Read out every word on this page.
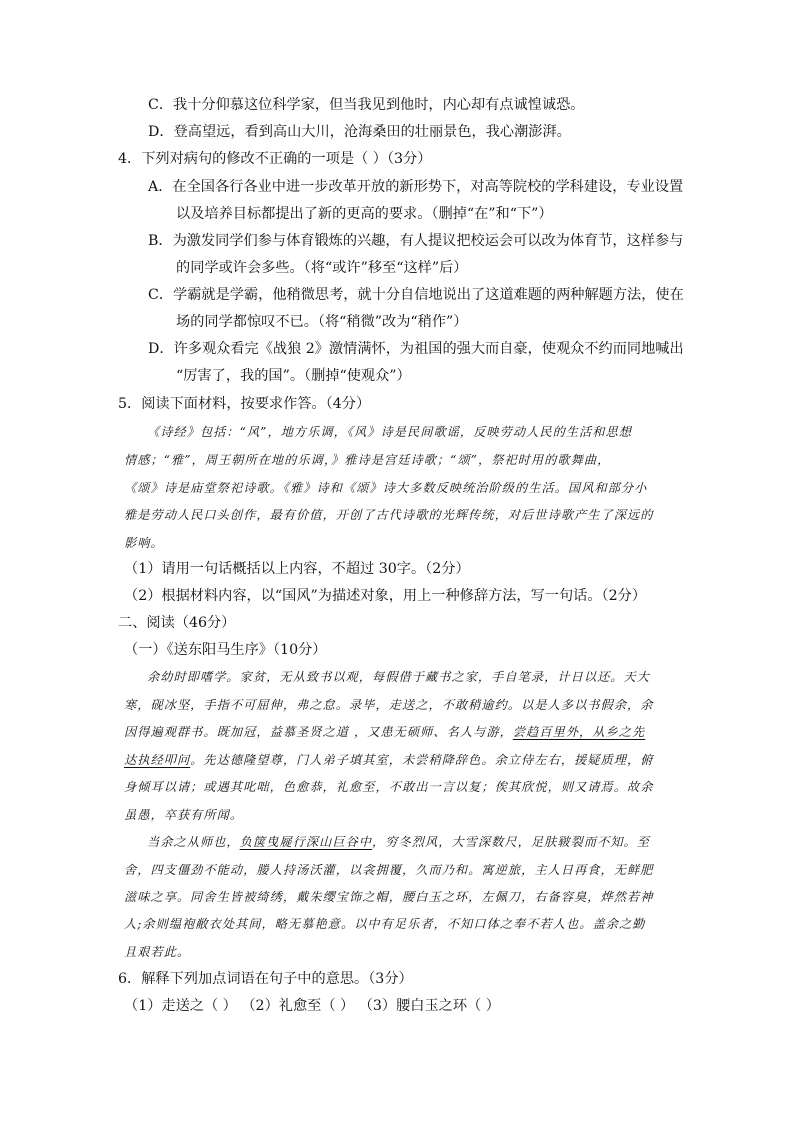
C．我十分仰慕这位科学家，但当我见到他时，内心却有点诚惶诚恐。
D．登高望远，看到高山大川，沧海桑田的壮丽景色，我心潮澎湃。
4．下列对病句的修改不正确的一项是（ ）（3分）
A．在全国各行各业中进一步改革开放的新形势下，对高等院校的学科建设，专业设置
以及培养目标都提出了新的更高的要求。（删掉“在”和“下”）
B．为激发同学们参与体育锻炼的兴趣，有人提议把校运会可以改为体育节，这样参与
的同学或许会多些。（将“或许”移至“这样”后）
C．学霸就是学霸，他稍微思考，就十分自信地说出了这道难题的两种解题方法，使在
场的同学都惊叹不已。（将“稍微”改为“稍作”）
D．许多观众看完《战狼 2》激情满怀，为祖国的强大而自豪，使观众不约而同地喊出
“厉害了，我的国”。（删掉“使观众”）
5．阅读下面材料，按要求作答。（4分）
《诗经》包括：“风”，地方乐调，《风》诗是民间歌谣，反映劳动人民的生活和思想
情感；“雅”，周王朝所在地的乐调，》雅诗是宫廷诗歌；“颂”，祭祀时用的歌舞曲，
《颂》诗是庙堂祭祀诗歌。《雅》诗和《颂》诗大多数反映统治阶级的生活。国风和部分小
雅是劳动人民口头创作，最有价值，开创了古代诗歌的光辉传统，对后世诗歌产生了深远的
影响。
（1）请用一句话概括以上内容，不超过 30字。（2分）
（2）根据材料内容，以“国风”为描述对象，用上一种修辞方法，写一句话。（2分）
二、阅读（46分）
（一）《送东阳马生序》（10分）
余幼时即嗜学。家贫，无从致书以观，每假借于藏书之家，手自笔录，计日以还。天大
寒，砚冰坚，手指不可屈伸，弗之怠。录毕，走送之，不敢稍逾约。以是人多以书假余，余
因得遍观群书。既加冠，益慕圣贤之道 ，又患无硕师、名人与游，尝趋百里外，从乡之先
达执经叩问。先达德隆望尊，门人弟子填其室，未尝稍降辞色。余立侍左右，援疑质理，俯
身倾耳以请；或遇其叱咄，色愈恭，礼愈至，不敢出一言以复；俟其欣悦，则又请焉。故余
虽愚，卒获有所闻。
当余之从师也，负箧曳屣行深山巨谷中，穷冬烈风，大雪深数尺，足肤皲裂而不知。至
舍，四支僵劲不能动，媵人持汤沃灌，以衾拥覆，久而乃和。寓逆旅，主人日再食，无鲜肥
滋味之享。同舍生皆被绮绣，戴朱缨宝饰之帽，腰白玉之环，左佩刀，右备容臭，烨然若神
人;余则缊袍敝衣处其间，略无慕艳意。以中有足乐者，不知口体之奉不若人也。盖余之勤
且艰若此。
6．解释下列加点词语在句子中的意思。（3分）
（1）走送之（ ） （2）礼愈至（ ） （3）腰白玉之环（ ）
